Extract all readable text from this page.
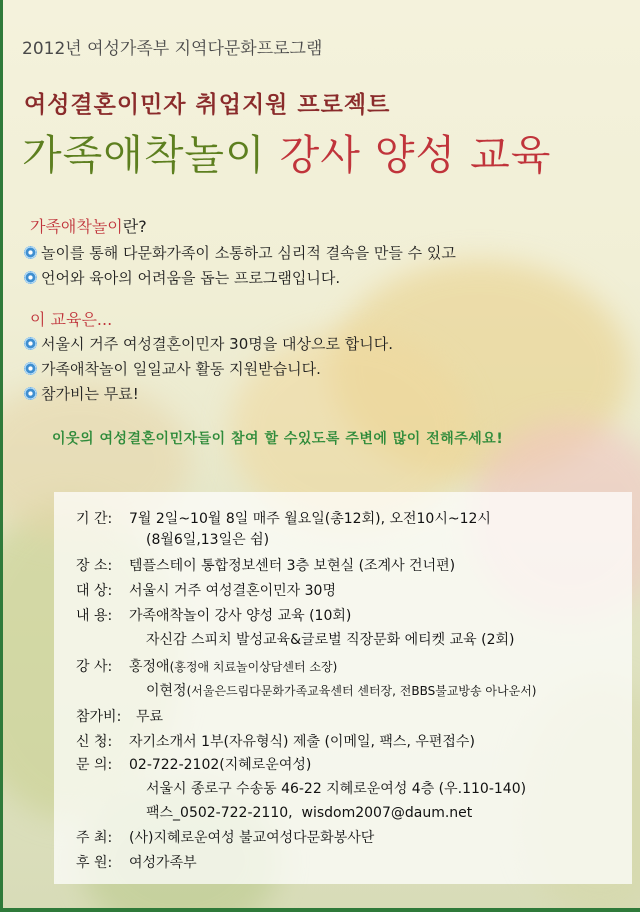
2012년 여성가족부 지역다문화프로그램
여성결혼이민자 취업지원 프로젝트
가족애착놀이 강사 양성 교육
가족애착놀이란?
놀이를 통해 다문화가족이 소통하고 심리적 결속을 만들 수 있고
언어와 육아의 어려움을 돕는 프로그램입니다.
이 교육은...
서울시 거주 여성결혼이민자 30명을 대상으로 합니다.
가족애착놀이 일일교사 활동 지원받습니다.
참가비는 무료!
이웃의 여성결혼이민자들이 참여 할 수있도록 주변에 많이 전해주세요!
기 간:	7월 2일~10월 8일 매주 월요일(총12회), 오전10시~12시
(8월6일,13일은 쉼)
장 소:	템플스테이 통합정보센터 3층 보현실 (조계사 건너편)
대 상:	서울시 거주 여성결혼이민자 30명
내 용:	가족애착놀이 강사 양성 교육 (10회)
자신감 스피치 발성교육&글로벌 직장문화 에티켓 교육 (2회)
강 사:	홍정애(홍정애 치료놀이상담센터 소장)
이현정(서울은드림다문화가족교육센터 센터장, 전BBS불교방송 아나운서)
참가비:	무료
신 청:	자기소개서 1부(자유형식) 제출 (이메일, 팩스, 우편접수)
문 의:	02-722-2102(지혜로운여성)
서울시 종로구 수송동 46-22 지혜로운여성 4층 (우.110-140)
팩스_0502-722-2110, wisdom2007@daum.net
주 최:	(사)지혜로운여성 불교여성다문화봉사단
후 원:	여성가족부
